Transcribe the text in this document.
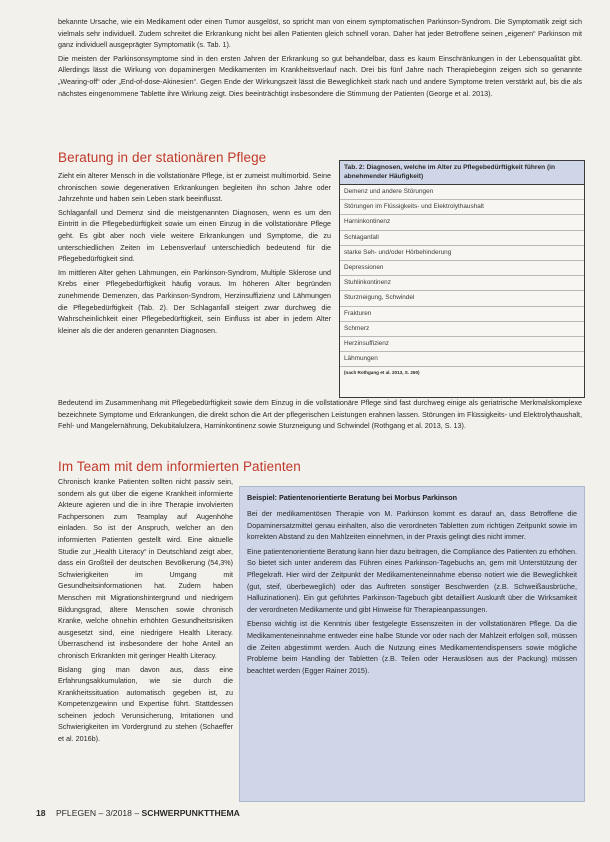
bekannte Ursache, wie ein Medikament oder einen Tumor ausgelöst, so spricht man von einem symptomatischen Parkinson-Syndrom. Die Symptomatik zeigt sich vielmals sehr individuell. Zudem schreitet die Erkrankung nicht bei allen Patienten gleich schnell voran. Daher hat jeder Betroffene seinen „eigenen“ Parkinson mit ganz individuell ausgeprägter Symptomatik (s. Tab. 1).

Die meisten der Parkinsonsymptome sind in den ersten Jahren der Erkrankung so gut behandelbar, dass es kaum Einschränkungen in der Lebensqualität gibt. Allerdings lässt die Wirkung von dopaminergen Medikamenten im Krankheitsverlauf nach. Drei bis fünf Jahre nach Therapiebeginn zeigen sich so genannte „Wearing-off“ oder „End-of-dose-Akinesien“. Gegen Ende der Wirkungszeit lässt die Beweglichkeit stark nach und andere Symptome treten verstärkt auf, bis die als nächstes eingenommene Tablette ihre Wirkung zeigt. Dies beeinträchtigt insbesondere die Stimmung der Patienten (George et al. 2013).

Beratung in der stationären Pflege

Zieht ein älterer Mensch in die vollstationäre Pflege, ist er zumeist multimorbid. Seine chronischen sowie degenerativen Erkrankungen begleiten ihn schon Jahre oder Jahrzehnte und haben sein Leben stark beeinflusst.

Schlaganfall und Demenz sind die meistgenannten Diagnosen, wenn es um den Eintritt in die Pflegebedürftigkeit sowie um einen Einzug in die vollstationäre Pflege geht. Es gibt aber noch viele weitere Erkrankungen und Symptome, die zu unterschiedlichen Zeiten im Lebensverlauf unterschiedlich bedeutend für die Pflegebedürftigkeit sind.

Im mittleren Alter gehen Lähmungen, ein Parkinson-Syndrom, Multiple Sklerose und Krebs einer Pflegebedürftigkeit häufig voraus. Im höheren Alter begründen zunehmende Demenzen, das Parkinson-Syndrom, Herzinsuffizienz und Lähmungen die Pflegebedürftigkeit (Tab. 2). Der Schlaganfall steigert zwar durchweg die Wahrscheinlichkeit einer Pflegebedürftigkeit, sein Einfluss ist aber in jedem Alter kleiner als die der anderen genannten Diagnosen.

Tab. 2: Diagnosen, welche im Alter zu Pflegebedürftigkeit führen (in abnehmender Häufigkeit)
Demenz und andere Störungen
Störungen im Flüssigkeits- und Elektrolythaushalt
Harninkontinenz
Schlaganfall
starke Seh- und/oder Hörbehinderung
Depressionen
Stuhlinkontinenz
Sturzneigung, Schwindel
Frakturen
Schmerz
Herzinsuffizienz
Lähmungen
(nach Rothgang et al. 2013, S. 260)

Bedeutend im Zusammenhang mit Pflegebedürftigkeit sowie dem Einzug in die vollstationäre Pflege sind fast durchweg einige als geriatrische Merkmalskomplexe bezeichnete Symptome und Erkrankungen, die direkt schon die Art der pflegerischen Leistungen erahnen lassen. Störungen im Flüssigkeits- und Elektrolythaushalt, Fehl- und Mangelernährung, Dekubitalulzera, Harninkontinenz sowie Sturzneigung und Schwindel (Rothgang et al. 2013, S. 13).

Im Team mit dem informierten Patienten

Chronisch kranke Patienten sollten nicht passiv sein, sondern als gut über die eigene Krankheit informierte Akteure agieren und die in ihre Therapie involvierten Fachpersonen zum Teamplay auf Augenhöhe einladen. So ist der Anspruch, welcher an den informierten Patienten gestellt wird. Eine aktuelle Studie zur „Health Literacy“ in Deutschland zeigt aber, dass ein Großteil der deutschen Bevölkerung (54,3%) Schwierigkeiten im Umgang mit Gesundheitsinformationen hat. Zudem haben Menschen mit Migrationshintergrund und niedrigem Bildungsgrad, ältere Menschen sowie chronisch Kranke, welche ohnehin erhöhten Gesundheitsrisiken ausgesetzt sind, eine niedrigere Health Literacy. Überraschend ist insbesondere der hohe Anteil an chronisch Erkrankten mit geringer Health Literacy.

Bislang ging man davon aus, dass eine Erfahrungsakkumulation, wie sie durch die Krankheitssituation automatisch gegeben ist, zu Kompetenzgewinn und Expertise führt. Stattdessen scheinen jedoch Verunsicherung, Irritationen und Schwierigkeiten im Vordergrund zu stehen (Schaeffer et al. 2016b).

Beispiel: Patientenorientierte Beratung bei Morbus Parkinson

Bei der medikamentösen Therapie von M. Parkinson kommt es darauf an, dass Betroffene die Dopaminersatzmittel genau einhalten, also die verordneten Tabletten zum richtigen Zeitpunkt sowie im korrekten Abstand zu den Mahlzeiten einnehmen, in der Praxis gelingt dies nicht immer.

Eine patientenorientierte Beratung kann hier dazu beitragen, die Compliance des Patienten zu erhöhen. So bietet sich unter anderem das Führen eines Parkinson-Tagebuchs an, gern mit Unterstützung der Pflegekraft. Hier wird der Zeitpunkt der Medikamenteneinnahme ebenso notiert wie die Beweglichkeit (gut, steif, überbeweglich) oder das Auftreten sonstiger Beschwerden (z.B. Schweißausbrüche, Halluzinationen). Ein gut geführtes Parkinson-Tagebuch gibt detailliert Auskunft über die Wirksamkeit der verordneten Medikamente und gibt Hinweise für Therapieanpassungen.

Ebenso wichtig ist die Kenntnis über festgelegte Essenszeiten in der vollstationären Pflege. Da die Medikamenteneinnahme entweder eine halbe Stunde vor oder nach der Mahlzeit erfolgen soll, müssen die Zeiten abgestimmt werden. Auch die Nutzung eines Medikamentendispensers sowie mögliche Probleme beim Handling der Tabletten (z.B. Teilen oder Herauslösen aus der Packung) müssen beachtet werden (Egger Rainer 2015).

18 PFLEGEN – 3/2018 – SCHWERPUNKTTHEMA
